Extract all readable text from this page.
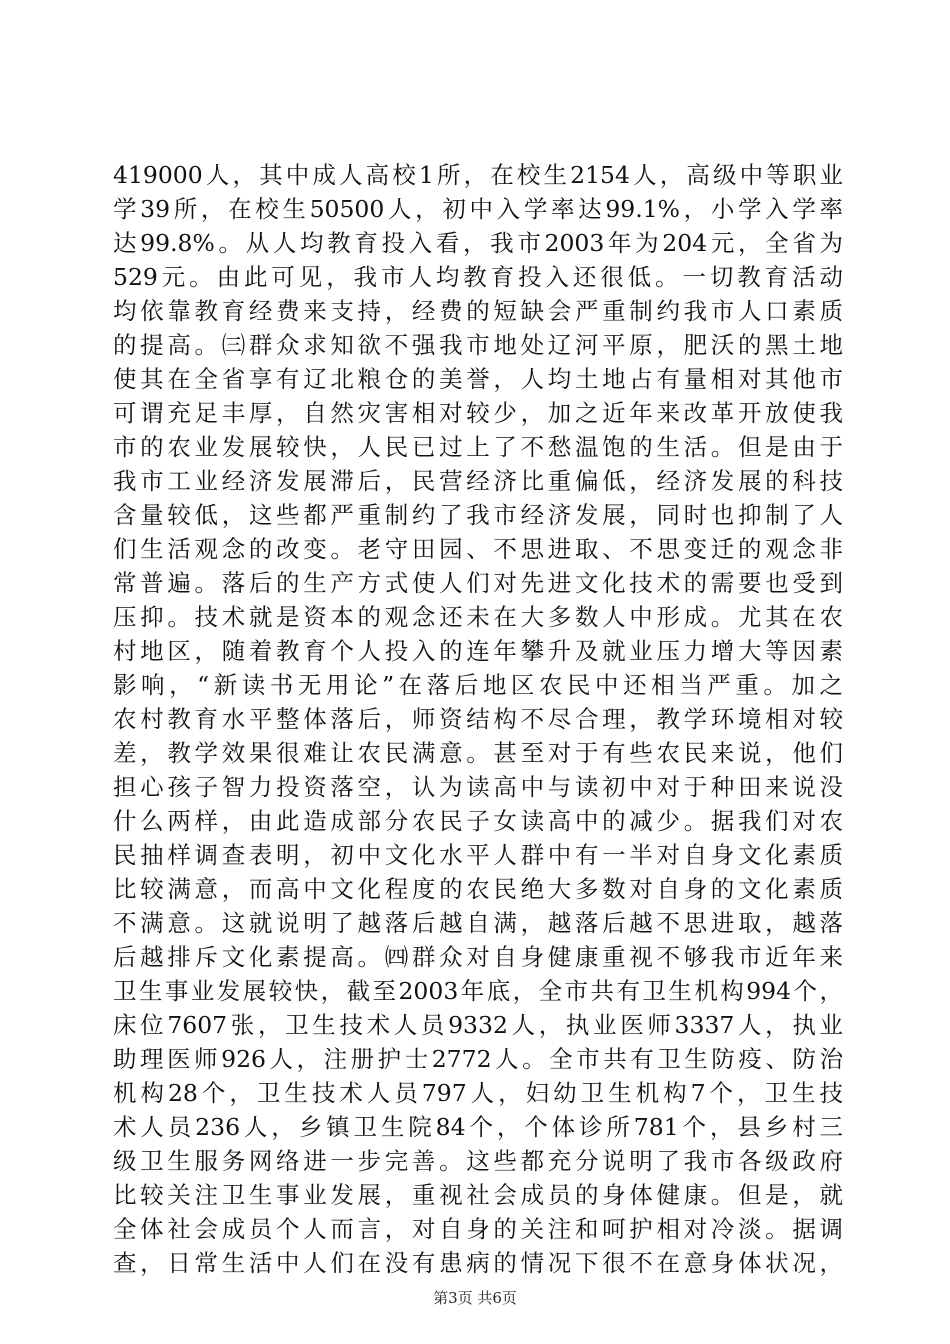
419000人，其中成人高校1所，在校生2154人，高级中等职业
学39所，在校生50500人，初中入学率达99.1%，小学入学率
达99.8%。从人均教育投入看，我市2003年为204元，全省为
529元。由此可见，我市人均教育投入还很低。一切教育活动
均依靠教育经费来支持，经费的短缺会严重制约我市人口素质
的提高。㈢群众求知欲不强我市地处辽河平原，肥沃的黑土地
使其在全省享有辽北粮仓的美誉，人均土地占有量相对其他市
可谓充足丰厚，自然灾害相对较少，加之近年来改革开放使我
市的农业发展较快，人民已过上了不愁温饱的生活。但是由于
我市工业经济发展滞后，民营经济比重偏低，经济发展的科技
含量较低，这些都严重制约了我市经济发展，同时也抑制了人
们生活观念的改变。老守田园、不思进取、不思变迁的观念非
常普遍。落后的生产方式使人们对先进文化技术的需要也受到
压抑。技术就是资本的观念还未在大多数人中形成。尤其在农
村地区，随着教育个人投入的连年攀升及就业压力增大等因素
影响，“新读书无用论”在落后地区农民中还相当严重。加之
农村教育水平整体落后，师资结构不尽合理，教学环境相对较
差，教学效果很难让农民满意。甚至对于有些农民来说，他们
担心孩子智力投资落空，认为读高中与读初中对于种田来说没
什么两样，由此造成部分农民子女读高中的减少。据我们对农
民抽样调查表明，初中文化水平人群中有一半对自身文化素质
比较满意，而高中文化程度的农民绝大多数对自身的文化素质
不满意。这就说明了越落后越自满，越落后越不思进取，越落
后越排斥文化素提高。㈣群众对自身健康重视不够我市近年来
卫生事业发展较快，截至2003年底，全市共有卫生机构994个，
床位7607张，卫生技术人员9332人，执业医师3337人，执业
助理医师926人，注册护士2772人。全市共有卫生防疫、防治
机构28个，卫生技术人员797人，妇幼卫生机构7个，卫生技
术人员236人，乡镇卫生院84个，个体诊所781个，县乡村三
级卫生服务网络进一步完善。这些都充分说明了我市各级政府
比较关注卫生事业发展，重视社会成员的身体健康。但是，就
全体社会成员个人而言，对自身的关注和呵护相对冷淡。据调
查，日常生活中人们在没有患病的情况下很不在意身体状况，
第3页 共6页
